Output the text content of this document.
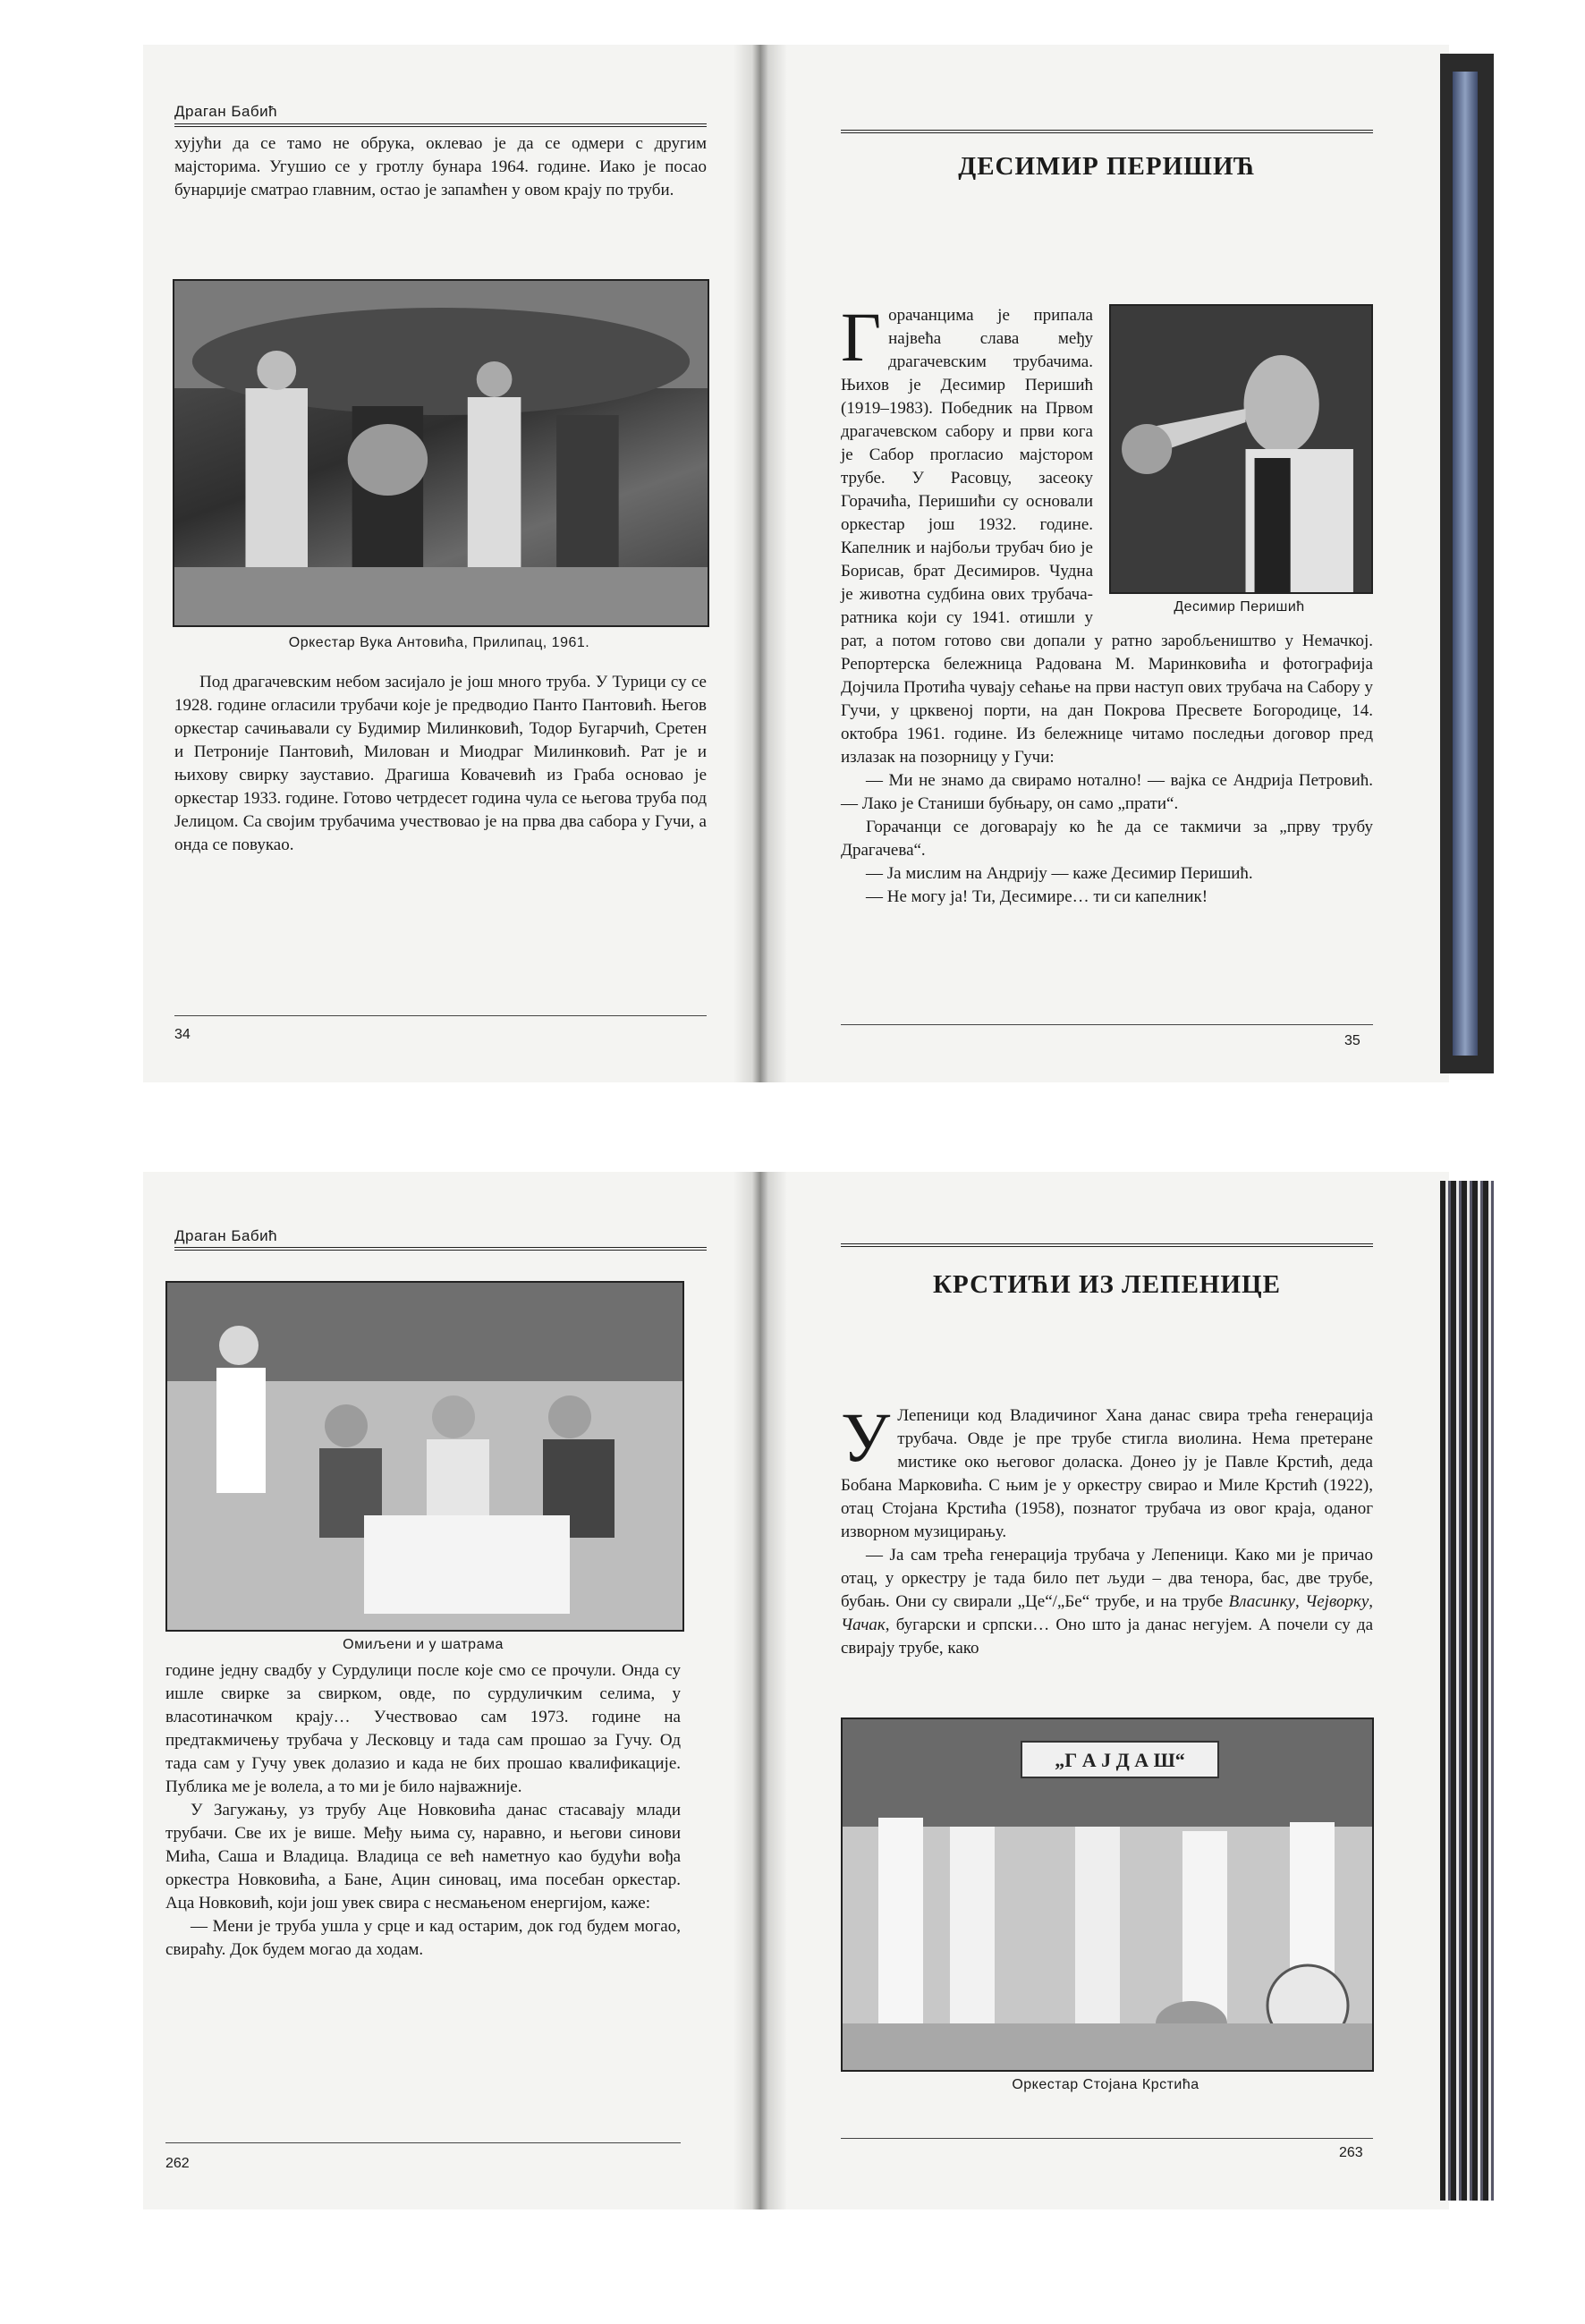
Драган Бабић

хујући да се тамо не обрука, оклевао је да се одмери с другим мајсторима. Угушио се у гротлу бунара 1964. године. Иако је посао бунарџије сматрао главним, остао је запамћен у овом крају по труби.

Оркестар Вука Антовића, Прилипац, 1961.

Под драгачевским небом засијало је још много труба. У Турици су се 1928. године огласили трубачи које је предводио Панто Пантовић. Његов оркестар сачињавали су Будимир Милинковић, Тодор Бугарчић, Сретен и Петроније Пантовић, Милован и Миодраг Милинковић. Рат је и њихову свирку зауставио. Драгиша Ковачевић из Граба основао је оркестар 1933. године. Готово четрдесет година чула се његова труба под Јелицом. Са својим трубачима учествовао је на прва два сабора у Гучи, а онда се повукао.

34
ДЕСИМИР ПЕРИШИЋ
Десимир Перишић

Горачанцима је припала највећа слава међу драгачевским трубачима. Њихов је Десимир Перишић (1919–1983). Победник на Првом драгачевском сабору и први кога је Сабор прогласио мајстором трубе. У Расовцу, засеоку Горачића, Перишићи су основали оркестар још 1932. године. Капелник и најбољи трубач био је Борисав, брат Десимиров. Чудна је животна судбина ових трубача-ратника који су 1941. отишли у рат, а потом готово сви допали у ратно заробљеништво у Немачкој. Репортерска бележница Радована М. Маринковића и фотографија Дојчила Протића чувају сећање на први наступ ових трубача на Сабору у Гучи, у црквеној порти, на дан Покрова Пресвете Богородице, 14. октобра 1961. године. Из бележнице читамо последњи договор пред излазак на позорницу у Гучи:

— Ми не знамо да свирамо нотално! — вајка се Андрија Петровић. — Лако је Станиши бубњару, он само „прати“.

Горачанци се договарају ко ће да се такмичи за „прву трубу Драгачева“.

— Ја мислим на Андрију — каже Десимир Перишић.

— Не могу ја! Ти, Десимире… ти си капелник!

35
Драган Бабић
Омиљени и у шатрама

године једну свадбу у Сурдулици после које смо се прочули. Онда су ишле свирке за свирком, овде, по сурдуличким селима, у власотиначком крају… Учествовао сам 1973. године на предтакмичењу трубача у Лесковцу и тада сам прошао за Гучу. Од тада сам у Гучу увек долазио и када не бих прошао квалификације. Публика ме је волела, а то ми је било најважније.

У Загужању, уз трубу Аце Новковића данас стасавају млади трубачи. Све их је више. Међу њима су, наравно, и његови синови Мића, Саша и Владица. Владица се већ наметнуо као будући вођа оркестра Новковића, а Бане, Ацин синовац, има посебан оркестар. Аца Новковић, који још увек свира с несмањеном енергијом, каже:

— Мени је труба ушла у срце и кад остарим, док год будем могао, свираћу. Док будем могао да ходам.

262
КРСТИЋИ ИЗ ЛЕПЕНИЦЕ

У Лепеници код Владичиног Хана данас свира трећа генерација трубача. Овде је пре трубе стигла виолина. Нема претеране мистике око његовог доласка. Донео ју је Павле Крстић, деда Бобана Марковића. С њим је у оркестру свирао и Миле Крстић (1922), отац Стојана Крстића (1958), познатог трубача из овог краја, оданог изворном музицирању.

— Ја сам трећа генерација трубача у Лепеници. Како ми је причао отац, у оркестру је тада било пет људи – два тенора, бас, две трубе, бубањ. Они су свирали „Це“/„Бе“ трубе, и на трубе Власинку, Чејворку, Чачак, бугарски и српски… Оно што ја данас негујем. А почели су да свирају трубе, како

„Г А Ј Д А Ш“
Оркестар Стојана Крстића
263
